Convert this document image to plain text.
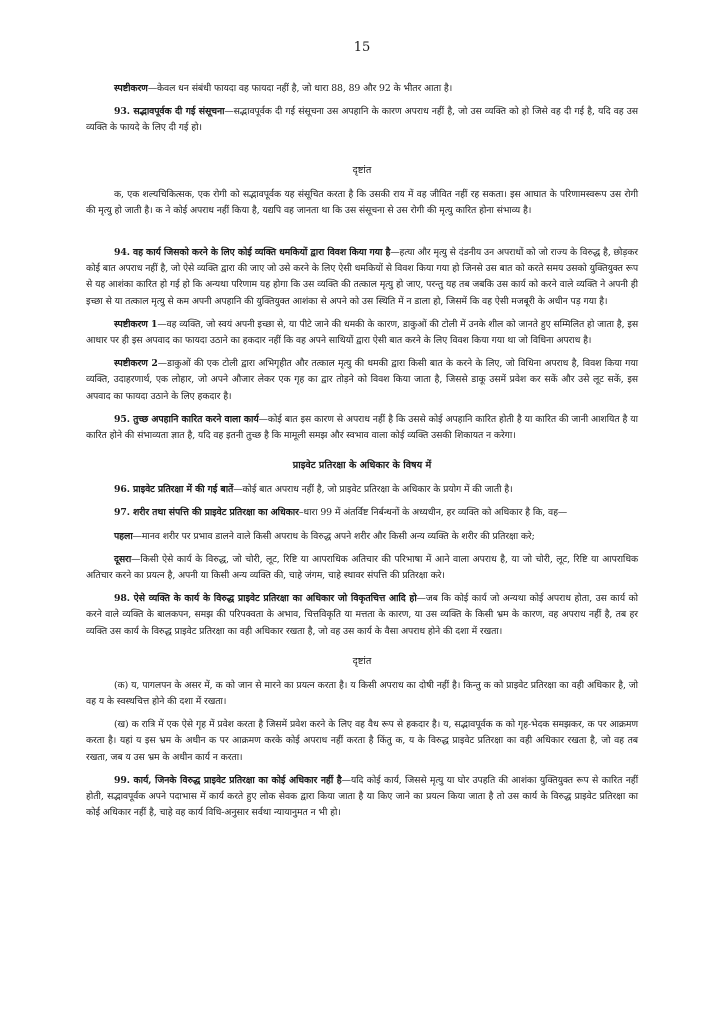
15

स्पष्टीकरण—केवल धन संबंधी फायदा वह फायदा नहीं है, जो धारा 88, 89 और 92 के भीतर आता है।

93. सद्भावपूर्वक दी गई संसूचना—सद्भावपूर्वक दी गई संसूचना उस अपहानि के कारण अपराध नहीं है, जो उस व्यक्ति को हो जिसे वह दी गई है, यदि वह उस व्यक्ति के फायदे के लिए दी गई हो।

दृष्टांत

क, एक शल्यचिकित्सक, एक रोगी को सद्भावपूर्वक यह संसूचित करता है कि उसकी राय में वह जीवित नहीं रह सकता। इस आघात के परिणामस्वरूप उस रोगी की मृत्यु हो जाती है। क ने कोई अपराध नहीं किया है, यद्यपि वह जानता था कि उस संसूचना से उस रोगी की मृत्यु कारित होना संभाव्य है।

94. वह कार्य जिसको करने के लिए कोई व्यक्ति धमकियों द्वारा विवश किया गया है—हत्या और मृत्यु से दंडनीय उन अपराधों को जो राज्य के विरुद्ध है, छोड़कर कोई बात अपराध नहीं है, जो ऐसे व्यक्ति द्वारा की जाए जो उसे करने के लिए ऐसी धमकियों से विवश किया गया हो जिनसे उस बात को करते समय उसको युक्तियुक्त रूप से यह आशंका कारित हो गई हो कि अन्यथा परिणाम यह होगा कि उस व्यक्ति की तत्काल मृत्यु हो जाए, परन्तु यह तब जबकि उस कार्य को करने वाले व्यक्ति ने अपनी ही इच्छा से या तत्काल मृत्यु से कम अपनी अपहानि की युक्तियुक्त आशंका से अपने को उस स्थिति में न डाला हो, जिसमें कि वह ऐसी मजबूरी के अधीन पड़ गया है।

स्पष्टीकरण 1—वह व्यक्ति, जो स्वयं अपनी इच्छा से, या पीटे जाने की धमकी के कारण, डाकुओं की टोली में उनके शील को जानते हुए सम्मिलित हो जाता है, इस आधार पर ही इस अपवाद का फायदा उठाने का हकदार नहीं कि वह अपने साथियों द्वारा ऐसी बात करने के लिए विवश किया गया था जो विधिना अपराध है।

स्पष्टीकरण 2—डाकुओं की एक टोली द्वारा अभिगृहीत और तत्काल मृत्यु की धमकी द्वारा किसी बात के करने के लिए, जो विधिना अपराध है, विवश किया गया व्यक्ति, उदाहरणार्थ, एक लोहार, जो अपने औजार लेकर एक गृह का द्वार तोड़ने को विवश किया जाता है, जिससे डाकू उसमें प्रवेश कर सकें और उसे लूट सकें, इस अपवाद का फायदा उठाने के लिए हकदार है।

95. तुच्छ अपहानि कारित करने वाला कार्य—कोई बात इस कारण से अपराध नहीं है कि उससे कोई अपहानि कारित होती है या कारित की जानी आशयित है या कारित होने की संभाव्यता ज्ञात है, यदि वह इतनी तुच्छ है कि मामूली समझ और स्वभाव वाला कोई व्यक्ति उसकी शिकायत न करेगा।

प्राइवेट प्रतिरक्षा के अधिकार के विषय में

96. प्राइवेट प्रतिरक्षा में की गई बातें—कोई बात अपराध नहीं है, जो प्राइवेट प्रतिरक्षा के अधिकार के प्रयोग में की जाती है।

97. शरीर तथा संपत्ति की प्राइवेट प्रतिरक्षा का अधिकार–धारा 99 में अंतर्विष्ट निर्बन्धनों के अध्यधीन, हर व्यक्ति को अधिकार है कि, वह—

पहला—मानव शरीर पर प्रभाव डालने वाले किसी अपराध के विरुद्ध अपने शरीर और किसी अन्य व्यक्ति के शरीर की प्रतिरक्षा करे;

दूसरा—किसी ऐसे कार्य के विरुद्ध, जो चोरी, लूट, रिष्टि या आपराधिक अतिचार की परिभाषा में आने वाला अपराध है, या जो चोरी, लूट, रिष्टि या आपराधिक अतिचार करने का प्रयत्न है, अपनी या किसी अन्य व्यक्ति की, चाहे जंगम, चाहे स्थावर संपत्ति की प्रतिरक्षा करे।

98. ऐसे व्यक्ति के कार्य के विरुद्ध प्राइवेट प्रतिरक्षा का अधिकार जो विकृतचित्त आदि हो—जब कि कोई कार्य जो अन्यथा कोई अपराध होता, उस कार्य को करने वाले व्यक्ति के बालकपन, समझ की परिपक्वता के अभाव, चित्तविकृति या मत्तता के कारण, या उस व्यक्ति के किसी भ्रम के कारण, वह अपराध नहीं है, तब हर व्यक्ति उस कार्य के विरुद्ध प्राइवेट प्रतिरक्षा का वही अधिकार रखता है, जो वह उस कार्य के वैसा अपराध होने की दशा में रखता।

दृष्टांत

(क) य, पागलपन के असर में, क को जान से मारने का प्रयत्न करता है। य किसी अपराध का दोषी नहीं है। किन्तु क को प्राइवेट प्रतिरक्षा का वही अधिकार है, जो वह य के स्वस्थचित्त होने की दशा में रखता।

(ख) क रात्रि में एक ऐसे गृह में प्रवेश करता है जिसमें प्रवेश करने के लिए वह वैध रूप से हकदार है। य, सद्भावपूर्वक क को गृह-भेदक समझकर, क पर आक्रमण करता है। यहां य इस भ्रम के अधीन क पर आक्रमण करके कोई अपराध नहीं करता है किंतु क, य के विरुद्ध प्राइवेट प्रतिरक्षा का वही अधिकार रखता है, जो वह तब रखता, जब य उस भ्रम के अधीन कार्य न करता।

99. कार्य, जिनके विरुद्ध प्राइवेट प्रतिरक्षा का कोई अधिकार नहीं है—यदि कोई कार्य, जिससे मृत्यु या घोर उपहति की आशंका युक्तियुक्त रूप से कारित नहीं होती, सद्भावपूर्वक अपने पदाभास में कार्य करते हुए लोक सेवक द्वारा किया जाता है या किए जाने का प्रयत्न किया जाता है तो उस कार्य के विरुद्ध प्राइवेट प्रतिरक्षा का कोई अधिकार नहीं है, चाहे वह कार्य विधि-अनुसार सर्वथा न्यायानुमत न भी हो।
